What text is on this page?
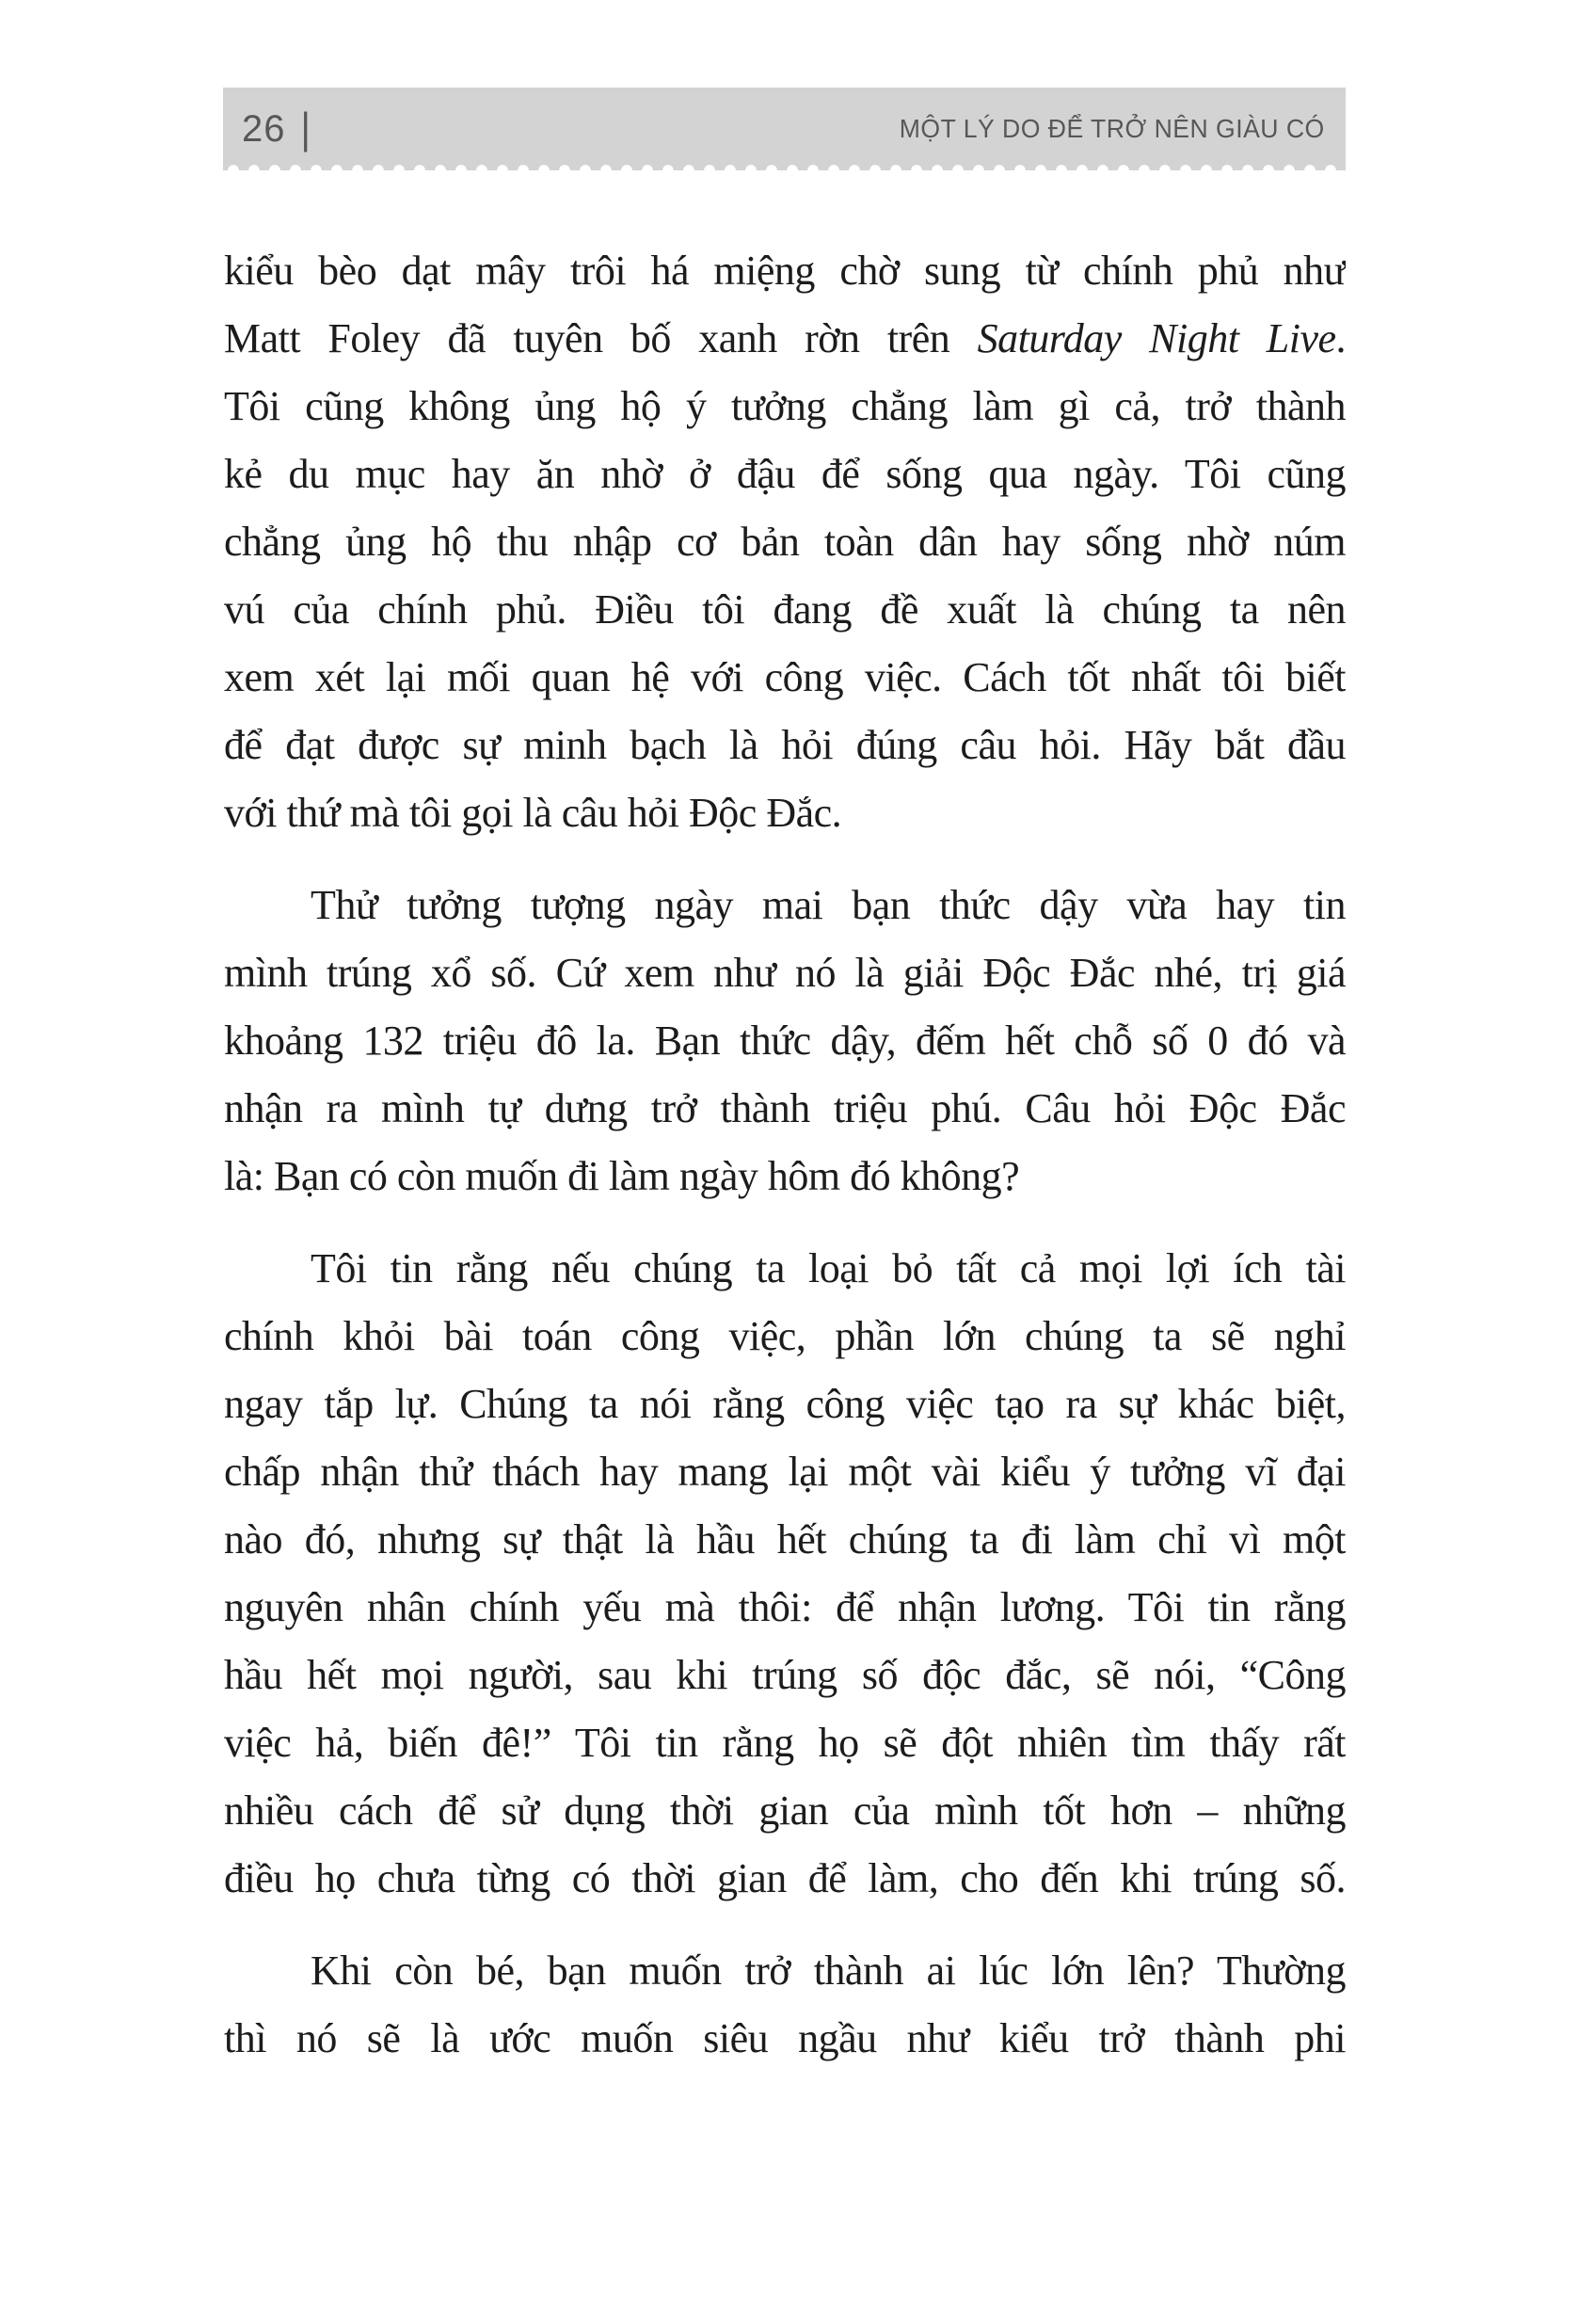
26 |	MỘT LÝ DO ĐỂ TRỞ NÊN GIÀU CÓ
kiểu bèo dạt mây trôi há miệng chờ sung từ chính phủ như
Matt Foley đã tuyên bố xanh rờn trên Saturday Night Live.
Tôi cũng không ủng hộ ý tưởng chẳng làm gì cả, trở thành
kẻ du mục hay ăn nhờ ở đậu để sống qua ngày. Tôi cũng
chẳng ủng hộ thu nhập cơ bản toàn dân hay sống nhờ núm
vú của chính phủ. Điều tôi đang đề xuất là chúng ta nên
xem xét lại mối quan hệ với công việc. Cách tốt nhất tôi biết
để đạt được sự minh bạch là hỏi đúng câu hỏi. Hãy bắt đầu
với thứ mà tôi gọi là câu hỏi Độc Đắc.
Thử tưởng tượng ngày mai bạn thức dậy vừa hay tin
mình trúng xổ số. Cứ xem như nó là giải Độc Đắc nhé, trị giá
khoảng 132 triệu đô la. Bạn thức dậy, đếm hết chỗ số 0 đó và
nhận ra mình tự dưng trở thành triệu phú. Câu hỏi Độc Đắc
là: Bạn có còn muốn đi làm ngày hôm đó không?
Tôi tin rằng nếu chúng ta loại bỏ tất cả mọi lợi ích tài
chính khỏi bài toán công việc, phần lớn chúng ta sẽ nghỉ
ngay tắp lự. Chúng ta nói rằng công việc tạo ra sự khác biệt,
chấp nhận thử thách hay mang lại một vài kiểu ý tưởng vĩ đại
nào đó, nhưng sự thật là hầu hết chúng ta đi làm chỉ vì một
nguyên nhân chính yếu mà thôi: để nhận lương. Tôi tin rằng
hầu hết mọi người, sau khi trúng số độc đắc, sẽ nói, “Công
việc hả, biến đê!” Tôi tin rằng họ sẽ đột nhiên tìm thấy rất
nhiều cách để sử dụng thời gian của mình tốt hơn – những
điều họ chưa từng có thời gian để làm, cho đến khi trúng số.
Khi còn bé, bạn muốn trở thành ai lúc lớn lên? Thường
thì nó sẽ là ước muốn siêu ngầu như kiểu trở thành phi
